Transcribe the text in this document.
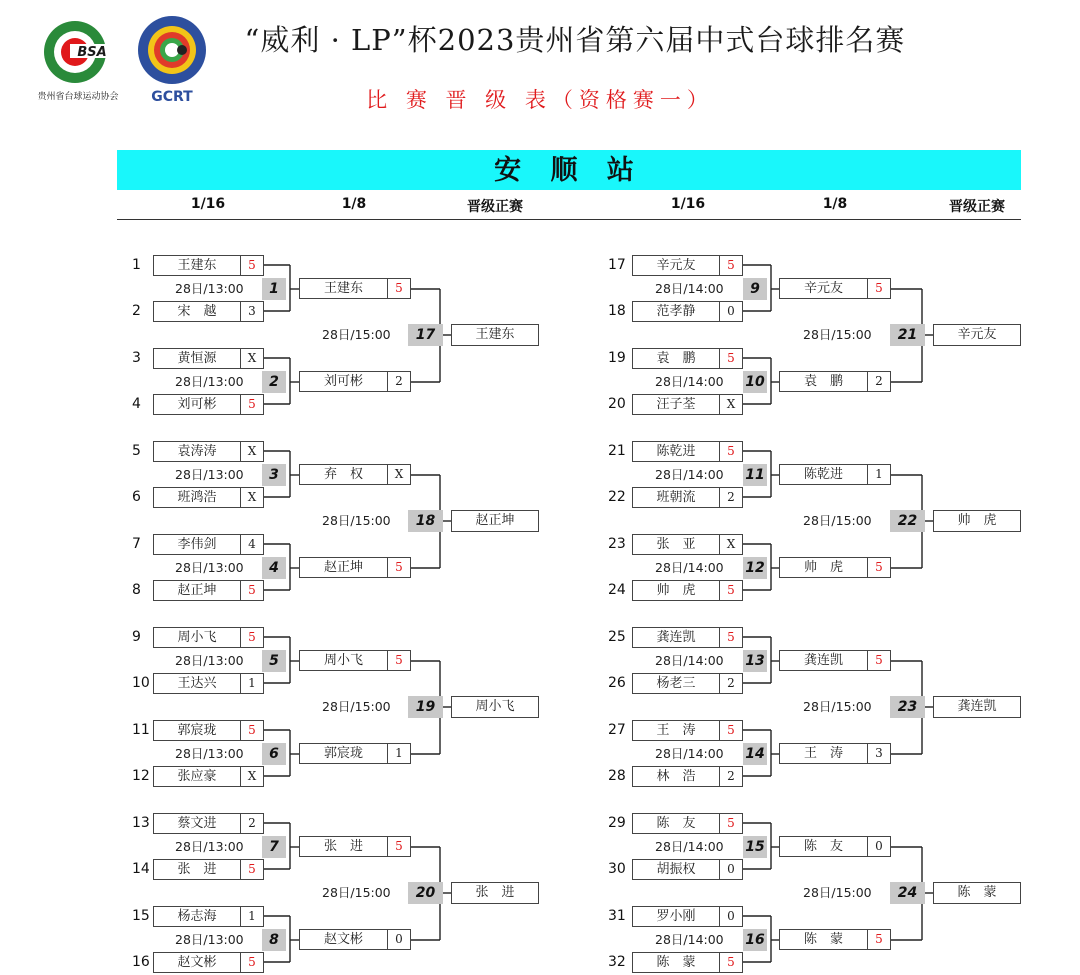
BSA
贵州省台球运动协会	GCRT
“威利 · LP”杯2023贵州省第六届中式台球排名赛
比 赛 晋 级 表（资格赛一）
安 顺 站
1/16	1/8	晋级正赛	1/16	1/8	晋级正赛
1	王建东	5
2	宋　越	3
28日/13:00	1	王建东	5
3	黄恒源	X
4	刘可彬	5
28日/13:00	2	刘可彬	2
28日/15:00	17	王建东
5	袁涛涛	X
6	班鸿浩	X
28日/13:00	3	弃　权	X
7	李伟剑	4
8	赵正坤	5
28日/13:00	4	赵正坤	5
28日/15:00	18	赵正坤
9	周小飞	5
10	王达兴	1
28日/13:00	5	周小飞	5
11	郭宸珑	5
12	张应豪	X
28日/13:00	6	郭宸珑	1
28日/15:00	19	周小飞
13	蔡文进	2
14	张　进	5
28日/13:00	7	张　进	5
15	杨志海	1
16	赵文彬	5
28日/13:00	8	赵文彬	0
28日/15:00	20	张　进
17	辛元友	5
18	范孝静	0
28日/14:00	9	辛元友	5
19	袁　鹏	5
20	汪子荃	X
28日/14:00 10	袁　鹏	2
28日/15:00	21	辛元友
21	陈乾进	5
22	班朝流	2
28日/14:00 11	陈乾进	1
23	张　亚	X
24	帅　虎	5
28日/14:00 12	帅　虎	5
28日/15:00	22	帅　虎
25	龚连凯	5
26	杨老三	2
28日/14:00 13	龚连凯	5
27	王　涛	5
28	林　浩	2
28日/14:00 14	王　涛	3
28日/15:00	23	龚连凯
29	陈　友	5
30	胡振权	0
28日/14:00 15	陈　友	0
31	罗小刚	0
32	陈　蒙	5
28日/14:00 16	陈　蒙	5
28日/15:00	24	陈　蒙
